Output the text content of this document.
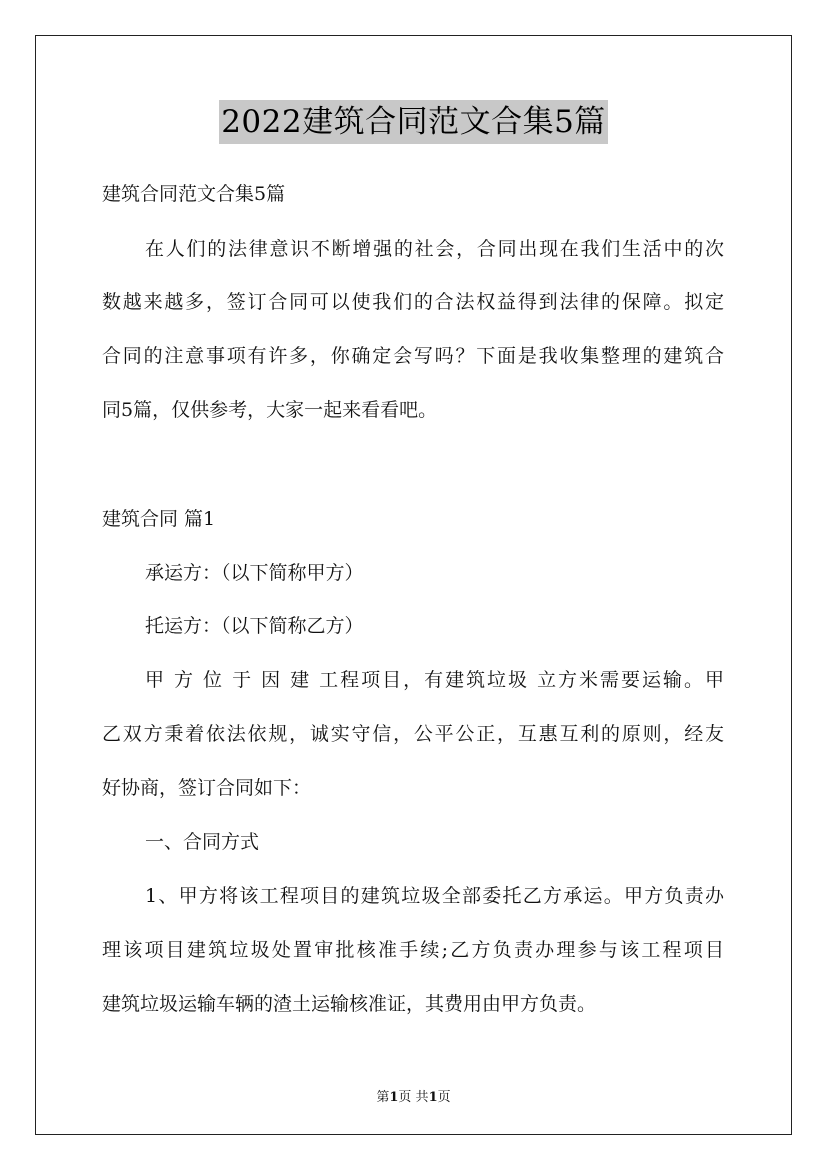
2022建筑合同范文合集5篇
建筑合同范文合集5篇
在人们的法律意识不断增强的社会，合同出现在我们生活中的次
数越来越多，签订合同可以使我们的合法权益得到法律的保障。拟定
合同的注意事项有许多，你确定会写吗？下面是我收集整理的建筑合
同5篇，仅供参考，大家一起来看看吧。
建筑合同 篇1
承运方：（以下简称甲方）
托运方：（以下简称乙方）
甲 方 位 于 因 建 工程项目，有建筑垃圾 立方米需要运输。甲
乙双方秉着依法依规，诚实守信，公平公正，互惠互利的原则，经友
好协商，签订合同如下：
一、合同方式
1、甲方将该工程项目的建筑垃圾全部委托乙方承运。甲方负责办
理该项目建筑垃圾处置审批核准手续;乙方负责办理参与该工程项目
建筑垃圾运输车辆的渣土运输核准证，其费用由甲方负责。
第1页 共1页
